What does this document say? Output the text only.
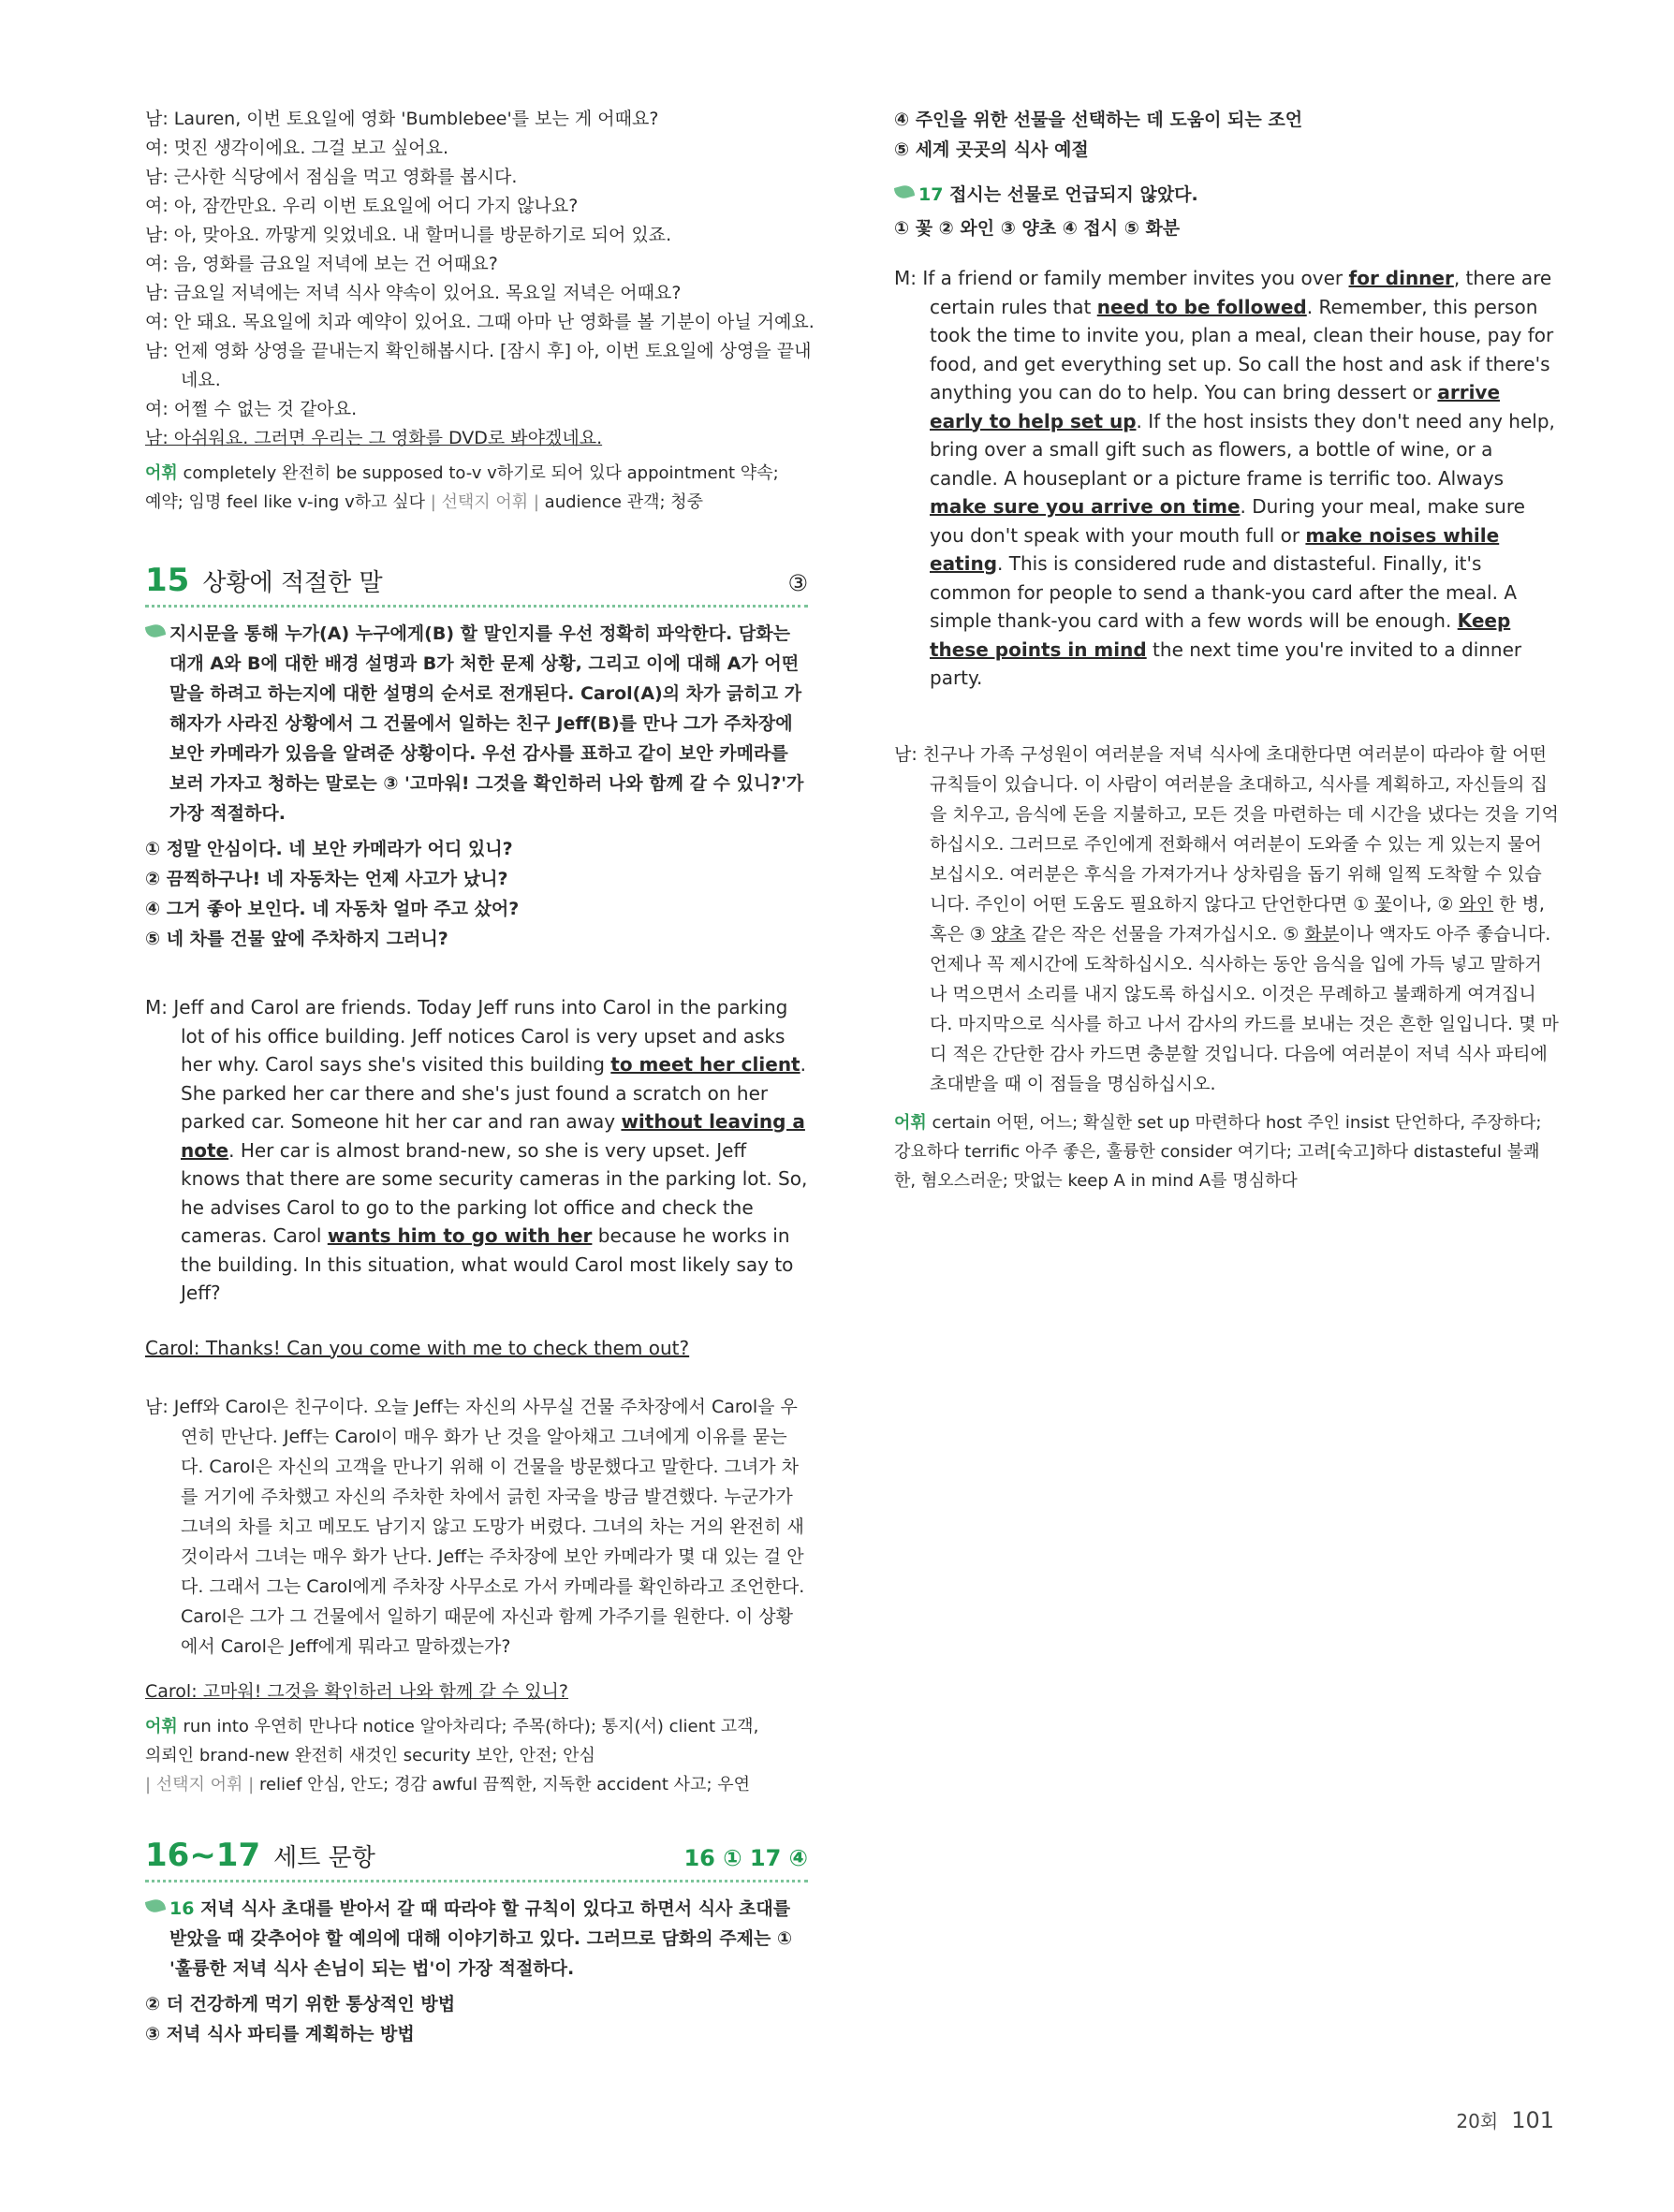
남: Lauren, 이번 토요일에 영화 'Bumblebee'를 보는 게 어때요?
여: 멋진 생각이에요. 그걸 보고 싶어요.
남: 근사한 식당에서 점심을 먹고 영화를 봅시다.
여: 아, 잠깐만요. 우리 이번 토요일에 어디 가지 않나요?
남: 아, 맞아요. 까맣게 잊었네요. 내 할머니를 방문하기로 되어 있죠.
여: 음, 영화를 금요일 저녁에 보는 건 어때요?
남: 금요일 저녁에는 저녁 식사 약속이 있어요. 목요일 저녁은 어때요?
여: 안 돼요. 목요일에 치과 예약이 있어요. 그때 아마 난 영화를 볼 기분이 아닐 거예요.
남: 언제 영화 상영을 끝내는지 확인해봅시다. [잠시 후] 아, 이번 토요일에 상영을 끝내
네요.
여: 어쩔 수 없는 것 같아요.
남: 아쉬워요. 그러면 우리는 그 영화를 DVD로 봐야겠네요.
어휘 completely 완전히 be supposed to-v v하기로 되어 있다 appointment 약속;
예약; 임명 feel like v-ing v하고 싶다 | 선택지 어휘 | audience 관객; 청중
15 상황에 적절한 말	③
지시문을 통해 누가(A) 누구에게(B) 할 말인지를 우선 정확히 파악한다. 담화는 대개 A와 B에 대한 배경 설명과 B가 처한 문제 상황, 그리고 이에 대해 A가 어떤 말을 하려고 하는지에 대한 설명의 순서로 전개된다. Carol(A)의 차가 긁히고 가해자가 사라진 상황에서 그 건물에서 일하는 친구 Jeff(B)를 만나 그가 주차장에 보안 카메라가 있음을 알려준 상황이다. 우선 감사를 표하고 같이 보안 카메라를 보러 가자고 청하는 말로는 ③ '고마워! 그것을 확인하러 나와 함께 갈 수 있니?'가 가장 적절하다.
① 정말 안심이다. 네 보안 카메라가 어디 있니?
② 끔찍하구나! 네 자동차는 언제 사고가 났니?
④ 그거 좋아 보인다. 네 자동차 얼마 주고 샀어?
⑤ 네 차를 건물 앞에 주차하지 그러니?
M: Jeff and Carol are friends. Today Jeff runs into Carol in the parking lot of his office building. Jeff notices Carol is very upset and asks her why. Carol says she's visited this building to meet her client. She parked her car there and she's just found a scratch on her parked car. Someone hit her car and ran away without leaving a note. Her car is almost brand-new, so she is very upset. Jeff knows that there are some security cameras in the parking lot. So, he advises Carol to go to the parking lot office and check the cameras. Carol wants him to go with her because he works in the building. In this situation, what would Carol most likely say to Jeff?
Carol: Thanks! Can you come with me to check them out?
남: Jeff와 Carol은 친구이다. 오늘 Jeff는 자신의 사무실 건물 주차장에서 Carol을 우연히 만난다. Jeff는 Carol이 매우 화가 난 것을 알아채고 그녀에게 이유를 묻는다. Carol은 자신의 고객을 만나기 위해 이 건물을 방문했다고 말한다. 그녀가 차를 거기에 주차했고 자신의 주차한 차에서 긁힌 자국을 방금 발견했다. 누군가가 그녀의 차를 치고 메모도 남기지 않고 도망가 버렸다. 그녀의 차는 거의 완전히 새것이라서 그녀는 매우 화가 난다. Jeff는 주차장에 보안 카메라가 몇 대 있는 걸 안다. 그래서 그는 Carol에게 주차장 사무소로 가서 카메라를 확인하라고 조언한다. Carol은 그가 그 건물에서 일하기 때문에 자신과 함께 가주기를 원한다. 이 상황에서 Carol은 Jeff에게 뭐라고 말하겠는가?
Carol: 고마워! 그것을 확인하러 나와 함께 갈 수 있니?
어휘 run into 우연히 만나다 notice 알아차리다; 주목(하다); 통지(서) client 고객,
의뢰인 brand-new 완전히 새것인 security 보안, 안전; 안심
| 선택지 어휘 | relief 안심, 안도; 경감 awful 끔찍한, 지독한 accident 사고; 우연
16~17 세트 문항	16 ① 17 ④
16 저녁 식사 초대를 받아서 갈 때 따라야 할 규칙이 있다고 하면서 식사 초대를 받았을 때 갖추어야 할 예의에 대해 이야기하고 있다. 그러므로 담화의 주제는 ① '훌륭한 저녁 식사 손님이 되는 법'이 가장 적절하다.
② 더 건강하게 먹기 위한 통상적인 방법
③ 저녁 식사 파티를 계획하는 방법
④ 주인을 위한 선물을 선택하는 데 도움이 되는 조언
⑤ 세계 곳곳의 식사 예절
17 접시는 선물로 언급되지 않았다.
① 꽃 ② 와인 ③ 양초 ④ 접시 ⑤ 화분
M: If a friend or family member invites you over for dinner, there are certain rules that need to be followed. Remember, this person took the time to invite you, plan a meal, clean their house, pay for food, and get everything set up. So call the host and ask if there's anything you can do to help. You can bring dessert or arrive early to help set up. If the host insists they don't need any help, bring over a small gift such as flowers, a bottle of wine, or a candle. A houseplant or a picture frame is terrific too. Always make sure you arrive on time. During your meal, make sure you don't speak with your mouth full or make noises while eating. This is considered rude and distasteful. Finally, it's common for people to send a thank-you card after the meal. A simple thank-you card with a few words will be enough. Keep these points in mind the next time you're invited to a dinner party.
남: 친구나 가족 구성원이 여러분을 저녁 식사에 초대한다면 여러분이 따라야 할 어떤 규칙들이 있습니다. 이 사람이 여러분을 초대하고, 식사를 계획하고, 자신들의 집을 치우고, 음식에 돈을 지불하고, 모든 것을 마련하는 데 시간을 냈다는 것을 기억하십시오. 그러므로 주인에게 전화해서 여러분이 도와줄 수 있는 게 있는지 물어보십시오. 여러분은 후식을 가져가거나 상차림을 돕기 위해 일찍 도착할 수 있습니다. 주인이 어떤 도움도 필요하지 않다고 단언한다면 ① 꽃이나, ② 와인 한 병, 혹은 ③ 양초 같은 작은 선물을 가져가십시오. ⑤ 화분이나 액자도 아주 좋습니다. 언제나 꼭 제시간에 도착하십시오. 식사하는 동안 음식을 입에 가득 넣고 말하거나 먹으면서 소리를 내지 않도록 하십시오. 이것은 무례하고 불쾌하게 여겨집니다. 마지막으로 식사를 하고 나서 감사의 카드를 보내는 것은 흔한 일입니다. 몇 마디 적은 간단한 감사 카드면 충분할 것입니다. 다음에 여러분이 저녁 식사 파티에 초대받을 때 이 점들을 명심하십시오.
어휘 certain 어떤, 어느; 확실한 set up 마련하다 host 주인 insist 단언하다, 주장하다; 강요하다 terrific 아주 좋은, 훌륭한 consider 여기다; 고려[숙고]하다 distasteful 불쾌한, 혐오스러운; 맛없는 keep A in mind A를 명심하다
20회 101
